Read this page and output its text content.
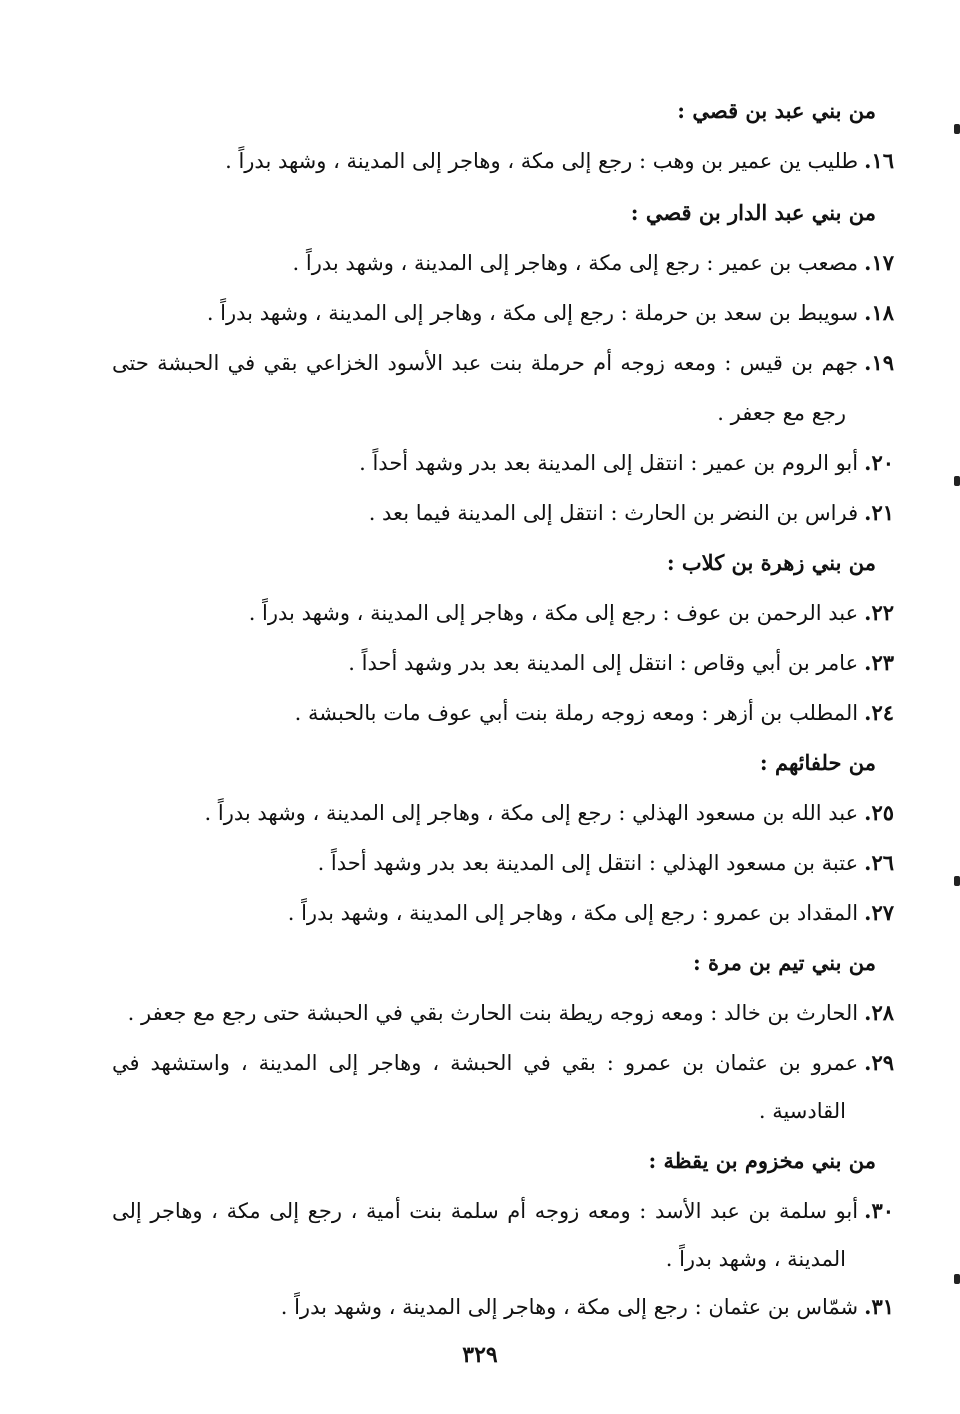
من بني عبد بن قصي :
١٦.طليب ين عمير بن وهب : رجع إلى مكة ، وهاجر إلى المدينة ، وشهد بدراً .
من بني عبد الدار بن قصي :
١٧.مصعب بن عمير : رجع إلى مكة ، وهاجر إلى المدينة ، وشهد بدراً .
١٨.سويبط بن سعد بن حرملة : رجع إلى مكة ، وهاجر إلى المدينة ، وشهد بدراً .
١٩.جهم بن قيس : ومعه زوجه أم حرملة بنت عبد الأسود الخزاعي بقي في الحبشة حتى
رجع مع جعفر .
٢٠.أبو الروم بن عمير : انتقل إلى المدينة بعد بدر وشهد أحداً .
٢١.فراس بن النضر بن الحارث : انتقل إلى المدينة فيما بعد .
من بني زهرة بن كلاب :
٢٢.عبد الرحمن بن عوف : رجع إلى مكة ، وهاجر إلى المدينة ، وشهد بدراً .
٢٣.عامر بن أبي وقاص : انتقل إلى المدينة بعد بدر وشهد أحداً .
٢٤.المطلب بن أزهر : ومعه زوجه رملة بنت أبي عوف مات بالحبشة .
من حلفائهم :
٢٥.عبد الله بن مسعود الهذلي : رجع إلى مكة ، وهاجر إلى المدينة ، وشهد بدراً .
٢٦.عتبة بن مسعود الهذلي : انتقل إلى المدينة بعد بدر وشهد أحداً .
٢٧.المقداد بن عمرو : رجع إلى مكة ، وهاجر إلى المدينة ، وشهد بدراً .
من بني تيم بن مرة :
٢٨.الحارث بن خالد : ومعه زوجه ريطة بنت الحارث بقي في الحبشة حتى رجع مع جعفر .
٢٩.عمرو بن عثمان بن عمرو : بقي في الحبشة ، وهاجر إلى المدينة ، واستشهد في
القادسية .
من بني مخزوم بن يقظة :
٣٠.أبو سلمة بن عبد الأسد : ومعه زوجه أم سلمة بنت أمية ، رجع إلى مكة ، وهاجر إلى
المدينة ، وشهد بدراً .
٣١.شمّاس بن عثمان : رجع إلى مكة ، وهاجر إلى المدينة ، وشهد بدراً .
٣٢٩
